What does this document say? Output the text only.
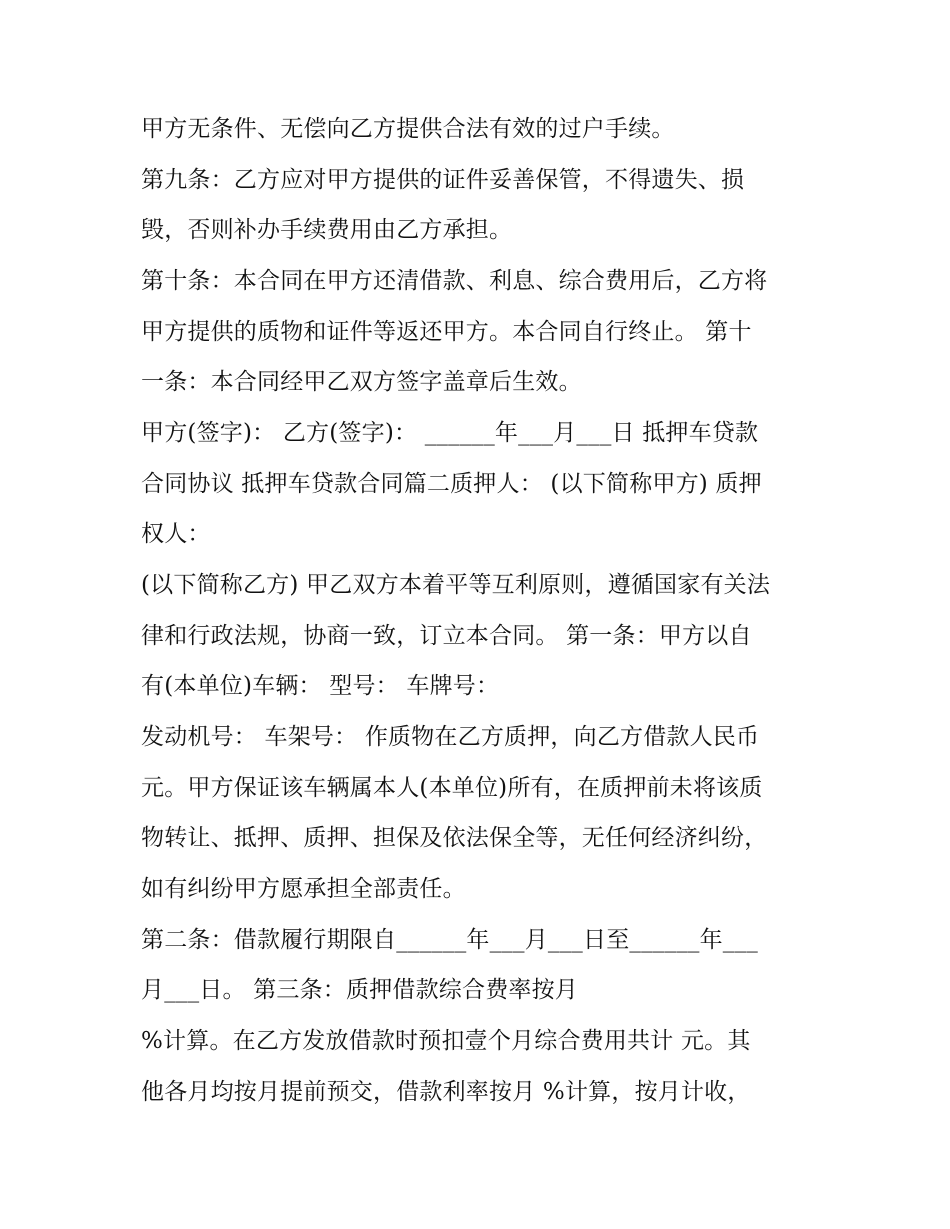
甲方无条件、无偿向乙方提供合法有效的过户手续。
第九条：乙方应对甲方提供的证件妥善保管，不得遗失、损
毁，否则补办手续费用由乙方承担。
第十条：本合同在甲方还清借款、利息、综合费用后，乙方将
甲方提供的质物和证件等返还甲方。本合同自行终止。 第十
一条：本合同经甲乙双方签字盖章后生效。
甲方(签字)： 乙方(签字)： ______年___月___日 抵押车贷款
合同协议 抵押车贷款合同篇二质押人： (以下简称甲方) 质押
权人：
(以下简称乙方) 甲乙双方本着平等互利原则，遵循国家有关法
律和行政法规，协商一致，订立本合同。 第一条：甲方以自
有(本单位)车辆： 型号： 车牌号：
发动机号： 车架号： 作质物在乙方质押，向乙方借款人民币
元。甲方保证该车辆属本人(本单位)所有，在质押前未将该质
物转让、抵押、质押、担保及依法保全等，无任何经济纠纷，
如有纠纷甲方愿承担全部责任。
第二条：借款履行期限自______年___月___日至______年___
月___日。 第三条：质押借款综合费率按月
%计算。在乙方发放借款时预扣壹个月综合费用共计 元。其
他各月均按月提前预交，借款利率按月 %计算，按月计收，
